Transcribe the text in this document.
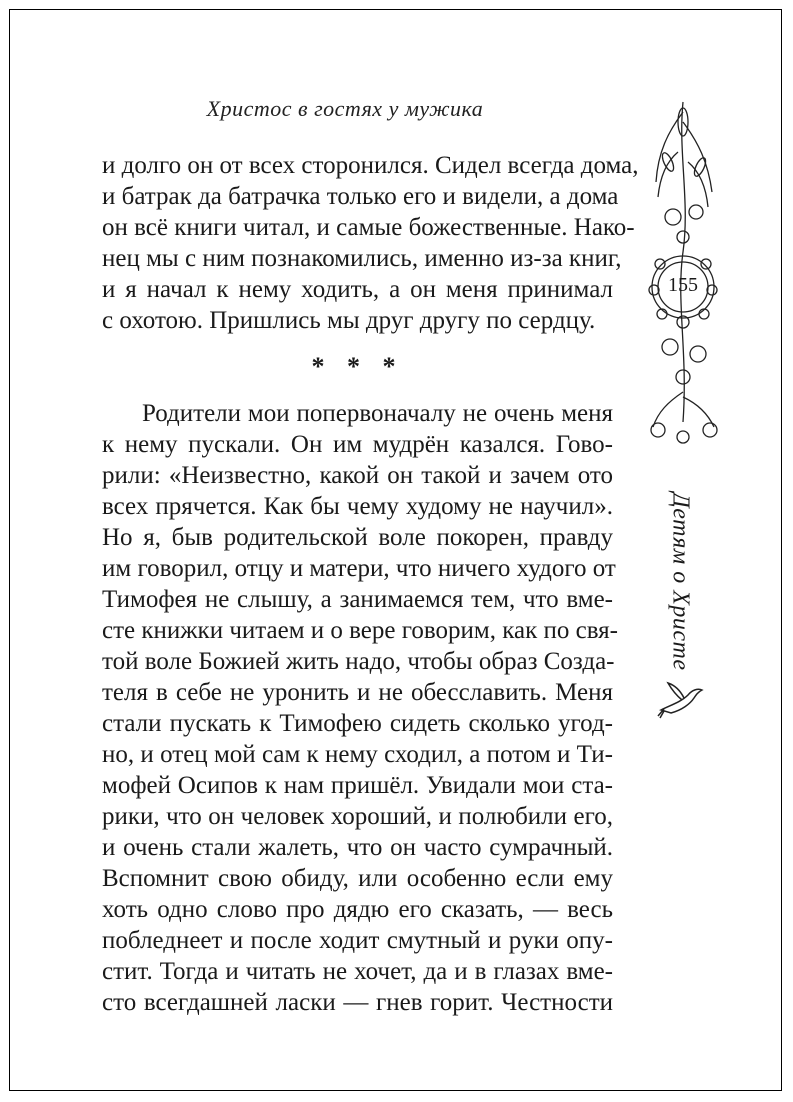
Христос в гостях у мужика
155
Детям о Христе
и долго он от всех сторонился. Сидел всегда дома,
и батрак да батрачка только его и видели, а дома
он всё книги читал, и самые божественные. Нако-
нец мы с ним познакомились, именно из-за книг,
и я начал к нему ходить, а он меня принимал
с охотою. Пришлись мы друг другу по сердцу.
* * *
Родители мои попервоначалу не очень меня
к нему пускали. Он им мудрён казался. Гово-
рили: «Неизвестно, какой он такой и зачем ото
всех прячется. Как бы чему худому не научил».
Но я, быв родительской воле покорен, правду
им говорил, отцу и матери, что ничего худого от
Тимофея не слышу, а занимаемся тем, что вме-
сте книжки читаем и о вере говорим, как по свя-
той воле Божией жить надо, чтобы образ Созда-
теля в себе не уронить и не обесславить. Меня
стали пускать к Тимофею сидеть сколько угод-
но, и отец мой сам к нему сходил, а потом и Ти-
мофей Осипов к нам пришёл. Увидали мои ста-
рики, что он человек хороший, и полюбили его,
и очень стали жалеть, что он часто сумрачный.
Вспомнит свою обиду, или особенно если ему
хоть одно слово про дядю его сказать, — весь
побледнеет и после ходит смутный и руки опу-
стит. Тогда и читать не хочет, да и в глазах вме-
сто всегдашней ласки — гнев горит. Честности
